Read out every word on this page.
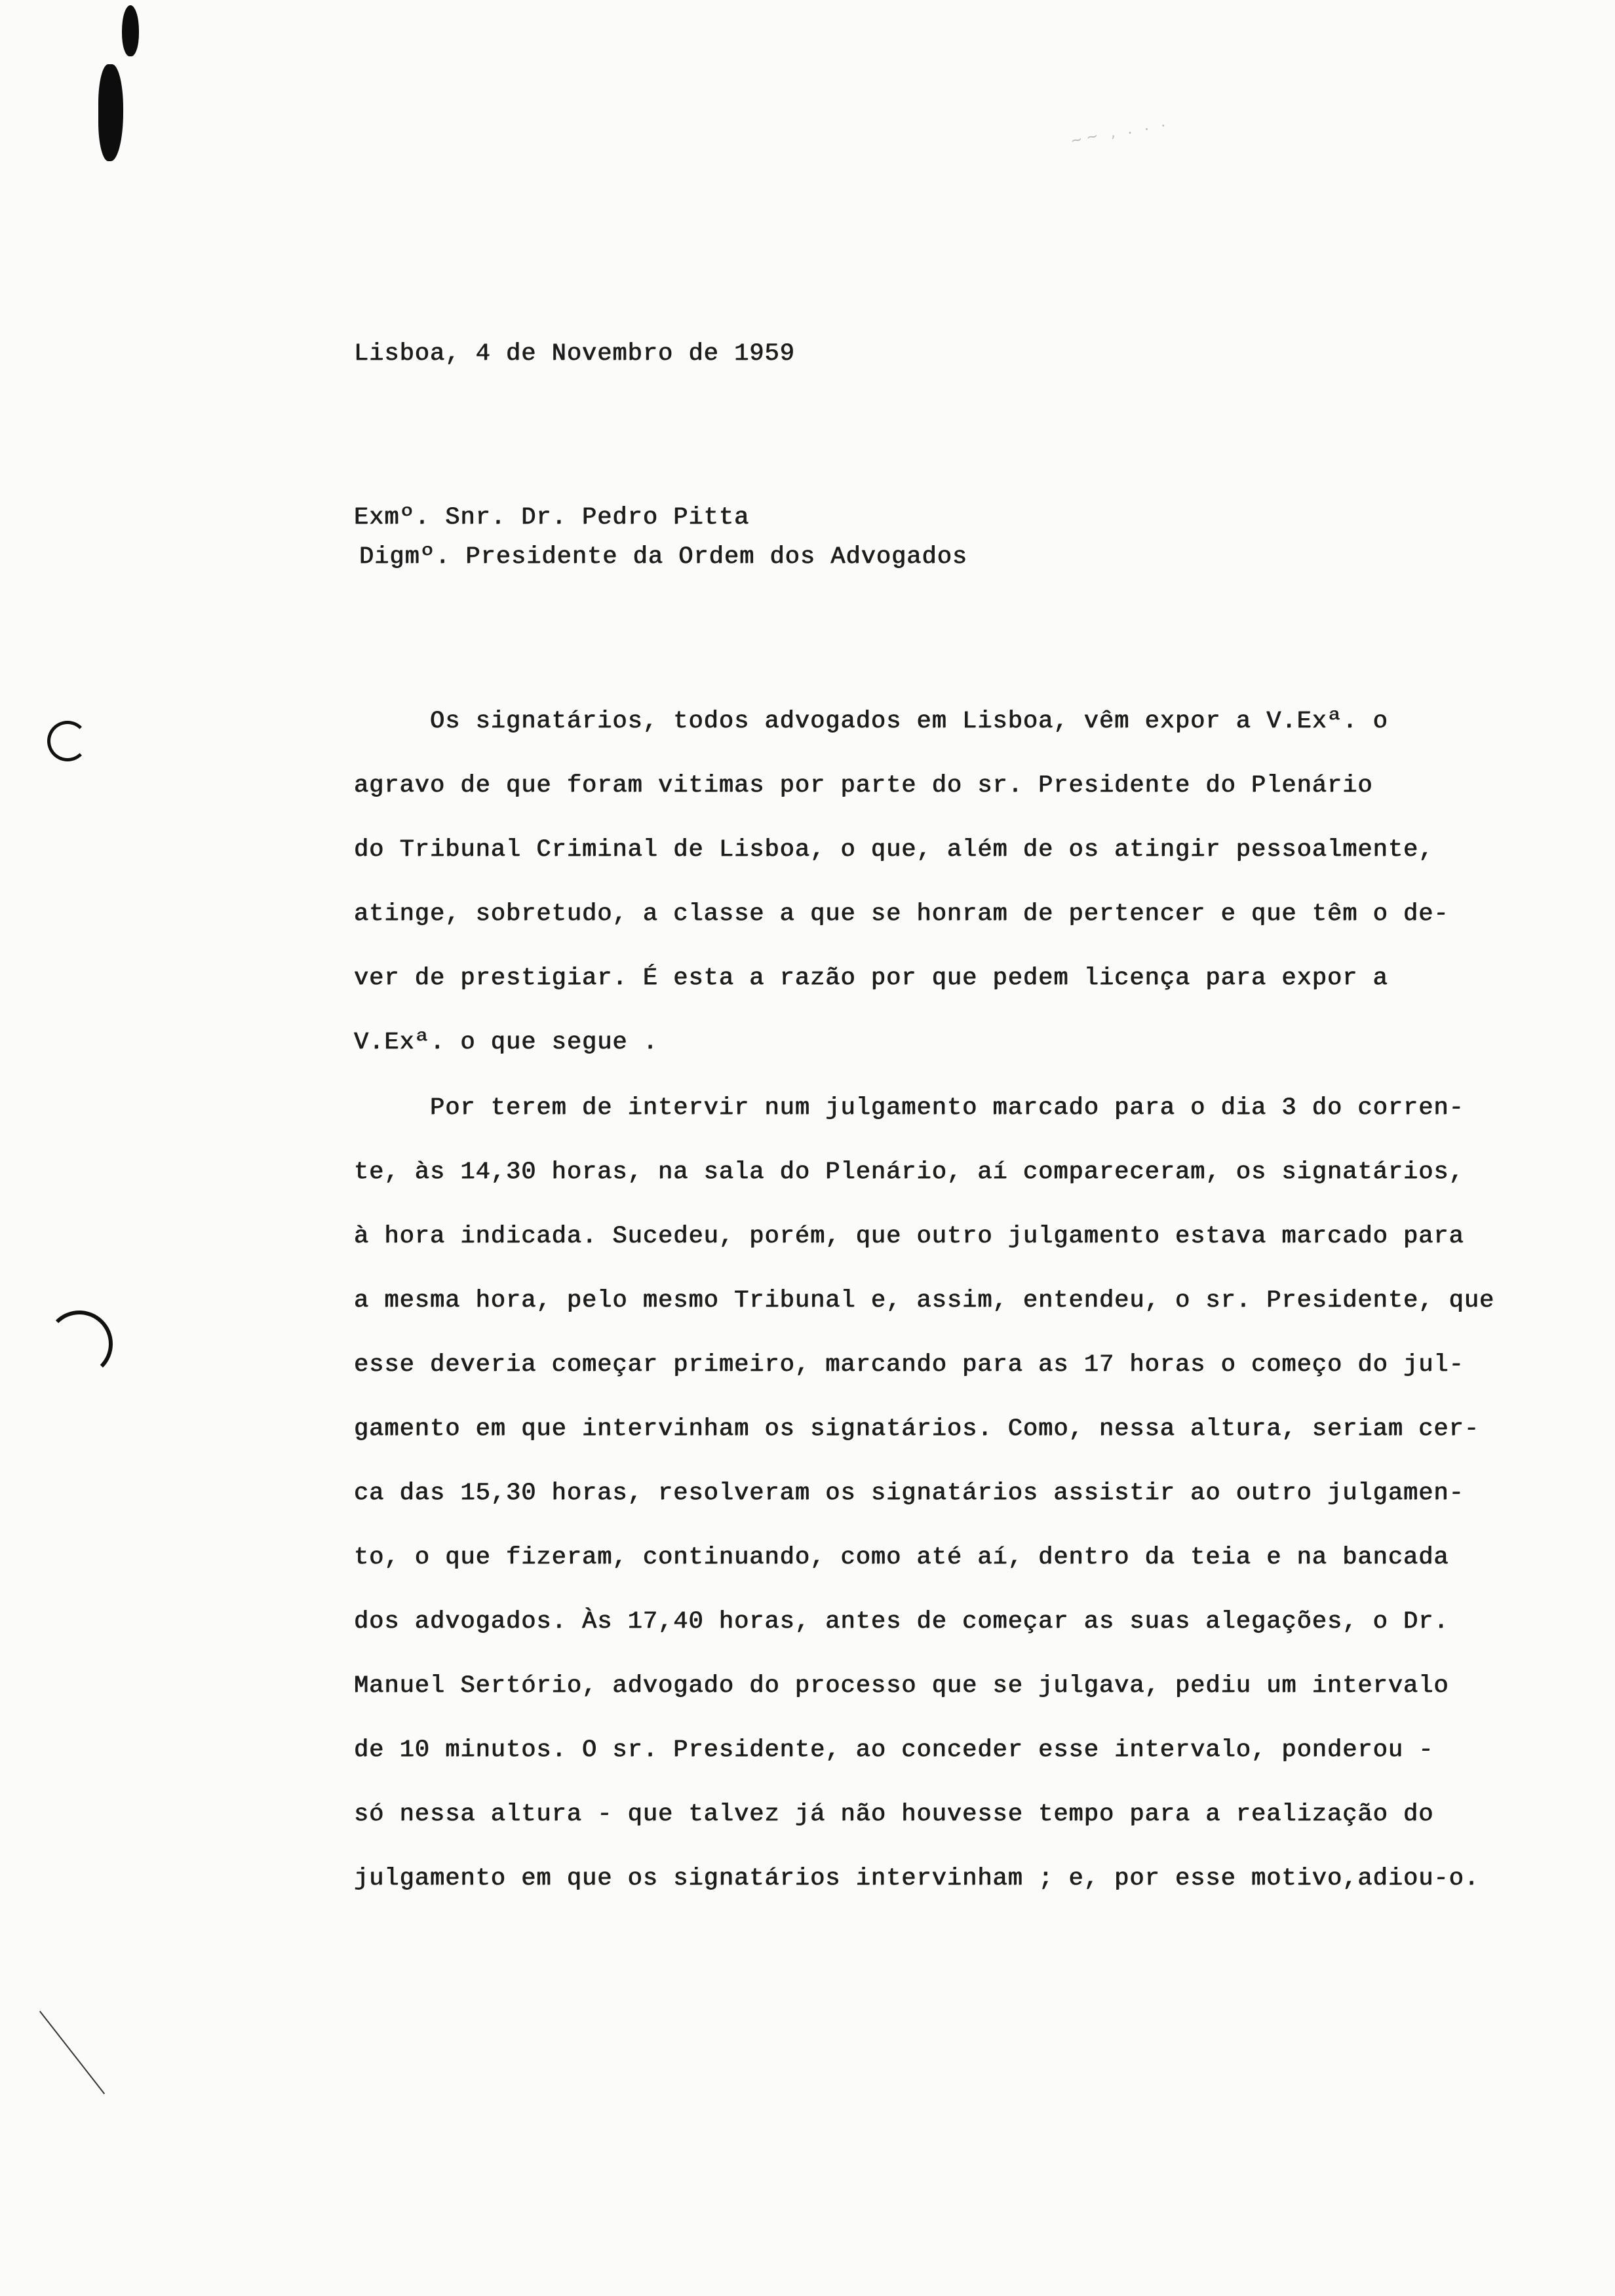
~~ , . . .
Lisboa, 4 de Novembro de 1959
Exmº. Snr. Dr. Pedro Pitta
Digmº. Presidente da Ordem dos Advogados
Os signatários, todos advogados em Lisboa, vêm expor a V.Exª. o
agravo de que foram vitimas por parte do sr. Presidente do Plenário
do Tribunal Criminal de Lisboa, o que, além de os atingir pessoalmente,
atinge, sobretudo, a classe a que se honram de pertencer e que têm o de-
ver de prestigiar. É esta a razão por que pedem licença para expor a
V.Exª. o que segue .
Por terem de intervir num julgamento marcado para o dia 3 do corren-
te, às 14,30 horas, na sala do Plenário, aí compareceram, os signatários,
à hora indicada. Sucedeu, porém, que outro julgamento estava marcado para
a mesma hora, pelo mesmo Tribunal e, assim, entendeu, o sr. Presidente, que
esse deveria começar primeiro, marcando para as 17 horas o começo do jul-
gamento em que intervinham os signatários. Como, nessa altura, seriam cer-
ca das 15,30 horas, resolveram os signatários assistir ao outro julgamen-
to, o que fizeram, continuando, como até aí, dentro da teia e na bancada
dos advogados. Às 17,40 horas, antes de começar as suas alegações, o Dr.
Manuel Sertório, advogado do processo que se julgava, pediu um intervalo
de 10 minutos. O sr. Presidente, ao conceder esse intervalo, ponderou -
só nessa altura - que talvez já não houvesse tempo para a realização do
julgamento em que os signatários intervinham ; e, por esse motivo,adiou-o.
